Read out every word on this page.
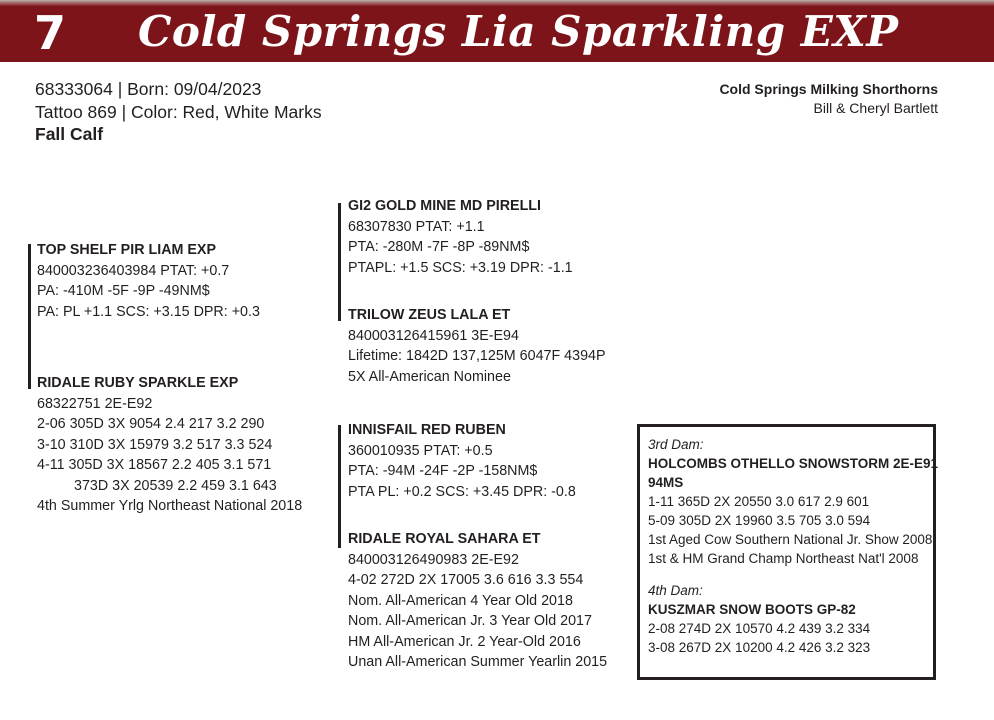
7 Cold Springs Lia Sparkling EXP
68333064 | Born: 09/04/2023
Tattoo 869 | Color: Red, White Marks
Fall Calf
Cold Springs Milking Shorthorns
Bill & Cheryl Bartlett
TOP SHELF PIR LIAM EXP
840003236403984 PTAT: +0.7
PA: -410M -5F -9P -49NM$
PA: PL +1.1 SCS: +3.15 DPR: +0.3
RIDALE RUBY SPARKLE EXP
68322751 2E-E92
2-06 305D 3X 9054 2.4 217 3.2 290
3-10 310D 3X 15979 3.2 517 3.3 524
4-11 305D 3X 18567 2.2 405 3.1 571
373D 3X 20539 2.2 459 3.1 643
4th Summer Yrlg Northeast National 2018
GI2 GOLD MINE MD PIRELLI
68307830 PTAT: +1.1
PTA: -280M -7F -8P -89NM$
PTAPL: +1.5 SCS: +3.19 DPR: -1.1
TRILOW ZEUS LALA ET
840003126415961 3E-E94
Lifetime: 1842D 137,125M 6047F 4394P
5X All-American Nominee
INNISFAIL RED RUBEN
360010935 PTAT: +0.5
PTA: -94M -24F -2P -158NM$
PTA PL: +0.2 SCS: +3.45 DPR: -0.8
RIDALE ROYAL SAHARA ET
840003126490983 2E-E92
4-02 272D 2X 17005 3.6 616 3.3 554
Nom. All-American 4 Year Old 2018
Nom. All-American Jr. 3 Year Old 2017
HM All-American Jr. 2 Year-Old 2016
Unan All-American Summer Yearlin 2015
3rd Dam:
HOLCOMBS OTHELLO SNOWSTORM 2E-E91
94MS
1-11 365D 2X 20550 3.0 617 2.9 601
5-09 305D 2X 19960 3.5 705 3.0 594
1st Aged Cow Southern National Jr. Show 2008
1st & HM Grand Champ Northeast Nat'l 2008
4th Dam:
KUSZMAR SNOW BOOTS GP-82
2-08 274D 2X 10570 4.2 439 3.2 334
3-08 267D 2X 10200 4.2 426 3.2 323
